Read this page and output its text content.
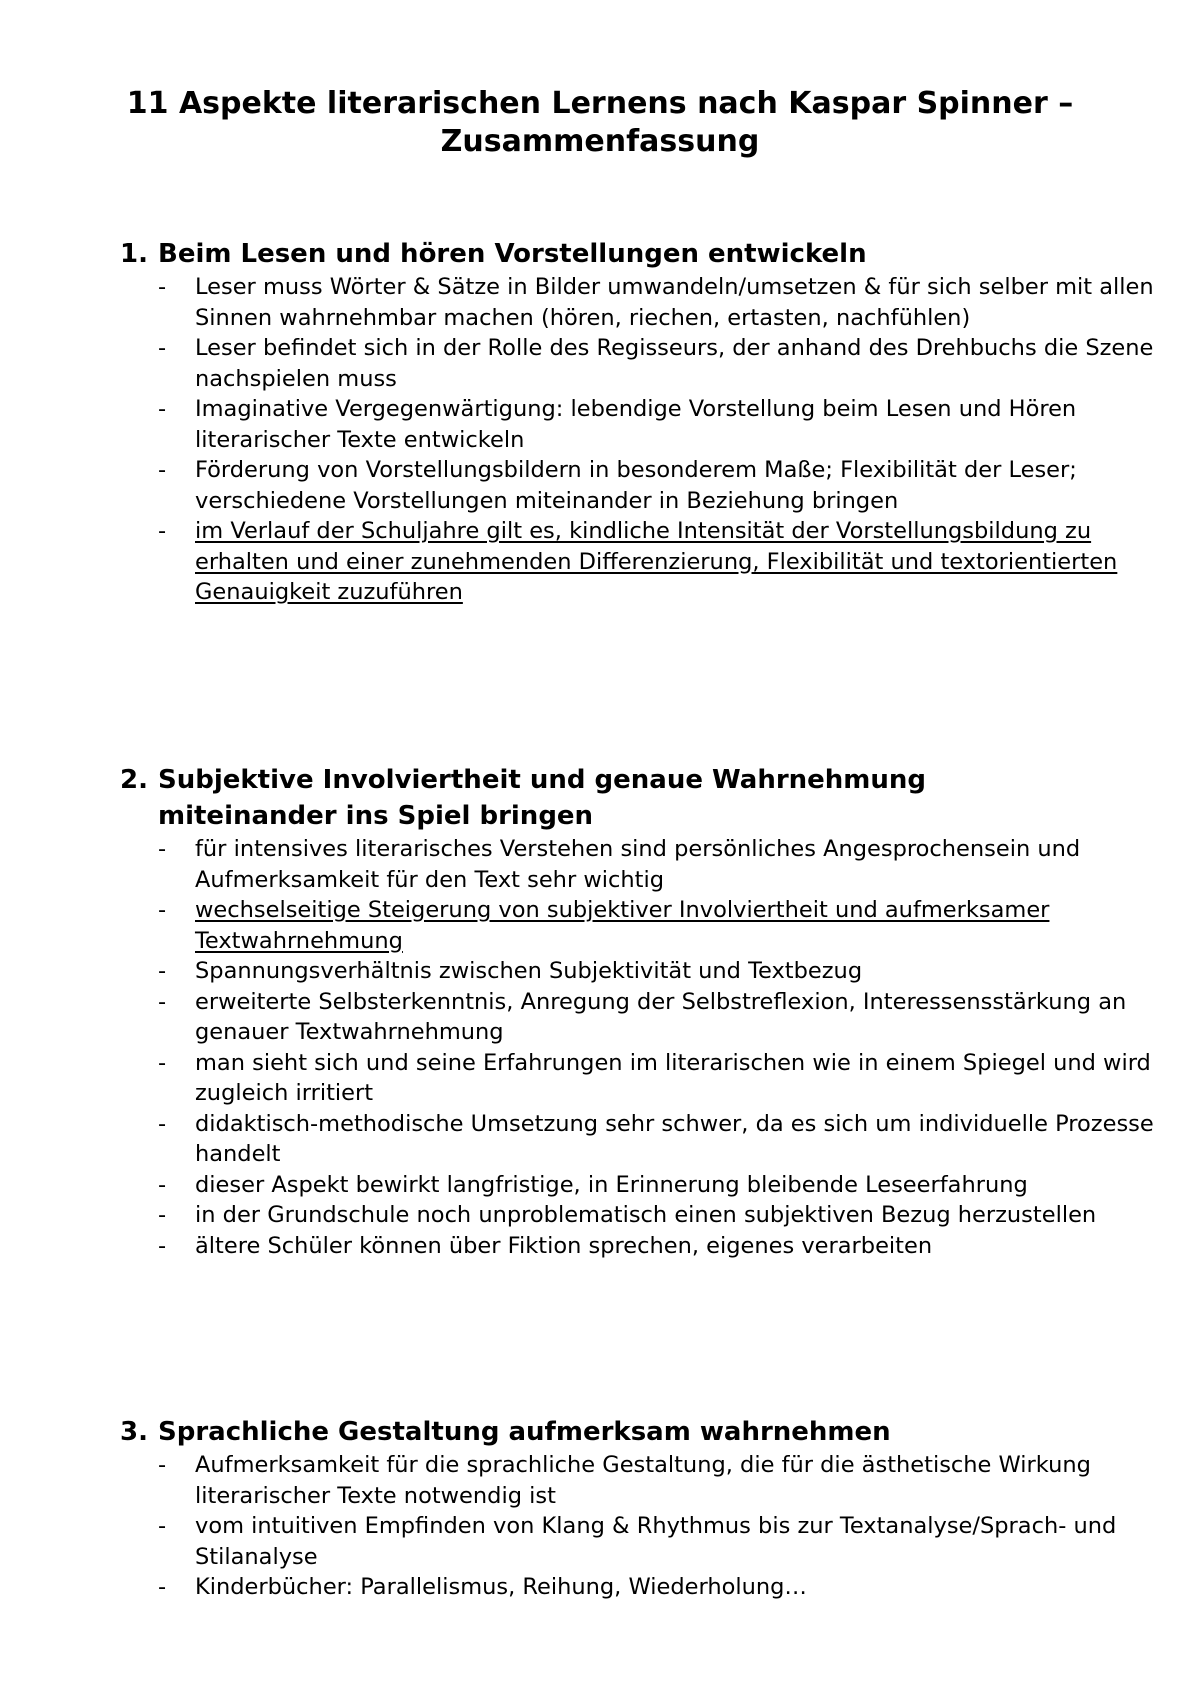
11 Aspekte literarischen Lernens nach Kaspar Spinner –
Zusammenfassung
1. Beim Lesen und hören Vorstellungen entwickeln
-	Leser muss Wörter & Sätze in Bilder umwandeln/umsetzen & für sich selber mit allen Sinnen wahrnehmbar machen (hören, riechen, ertasten, nachfühlen)
-	Leser befindet sich in der Rolle des Regisseurs, der anhand des Drehbuchs die Szene nachspielen muss
-	Imaginative Vergegenwärtigung: lebendige Vorstellung beim Lesen und Hören literarischer Texte entwickeln
-	Förderung von Vorstellungsbildern in besonderem Maße; Flexibilität der Leser; verschiedene Vorstellungen miteinander in Beziehung bringen
-	im Verlauf der Schuljahre gilt es, kindliche Intensität der Vorstellungsbildung zu erhalten und einer zunehmenden Differenzierung, Flexibilität und textorientierten Genauigkeit zuzuführen
2. Subjektive Involviertheit und genaue Wahrnehmung miteinander ins Spiel bringen
-	für intensives literarisches Verstehen sind persönliches Angesprochensein und Aufmerksamkeit für den Text sehr wichtig
-	wechselseitige Steigerung von subjektiver Involviertheit und aufmerksamer Textwahrnehmung
-	Spannungsverhältnis zwischen Subjektivität und Textbezug
-	erweiterte Selbsterkenntnis, Anregung der Selbstreflexion, Interessensstärkung an genauer Textwahrnehmung
-	man sieht sich und seine Erfahrungen im literarischen wie in einem Spiegel und wird zugleich irritiert
-	didaktisch-methodische Umsetzung sehr schwer, da es sich um individuelle Prozesse handelt
-	dieser Aspekt bewirkt langfristige, in Erinnerung bleibende Leseerfahrung
-	in der Grundschule noch unproblematisch einen subjektiven Bezug herzustellen
-	ältere Schüler können über Fiktion sprechen, eigenes verarbeiten
3. Sprachliche Gestaltung aufmerksam wahrnehmen
-	Aufmerksamkeit für die sprachliche Gestaltung, die für die ästhetische Wirkung literarischer Texte notwendig ist
-	vom intuitiven Empfinden von Klang & Rhythmus bis zur Textanalyse/Sprach- und Stilanalyse
-	Kinderbücher: Parallelismus, Reihung, Wiederholung…
